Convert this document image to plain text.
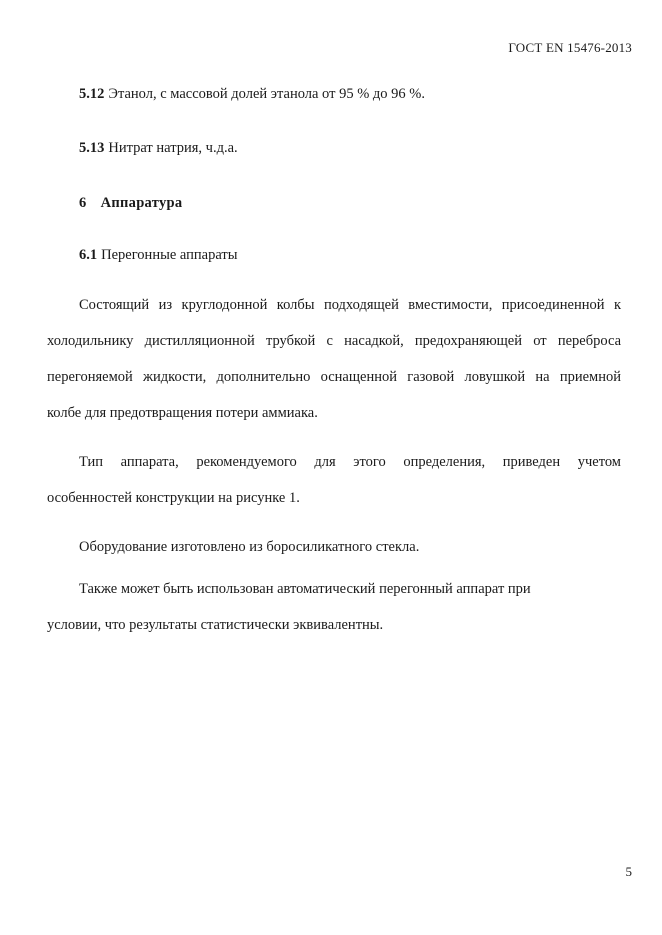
ГОСТ EN 15476-2013
5.12 Этанол, с массовой долей этанола от 95 % до 96 %.
5.13 Нитрат натрия, ч.д.а.
6 Аппаратура
6.1 Перегонные аппараты
Состоящий из круглодонной колбы подходящей вместимости, присоединенной к
холодильнику дистилляционной трубкой с насадкой, предохраняющей от переброса
перегоняемой жидкости, дополнительно оснащенной газовой ловушкой на приемной
колбе для предотвращения потери аммиака.
Тип аппарата, рекомендуемого для этого определения, приведен учетом
особенностей конструкции на рисунке 1.
Оборудование изготовлено из боросиликатного стекла.
Также может быть использован автоматический перегонный аппарат при
условии, что результаты статистически эквивалентны.
5
